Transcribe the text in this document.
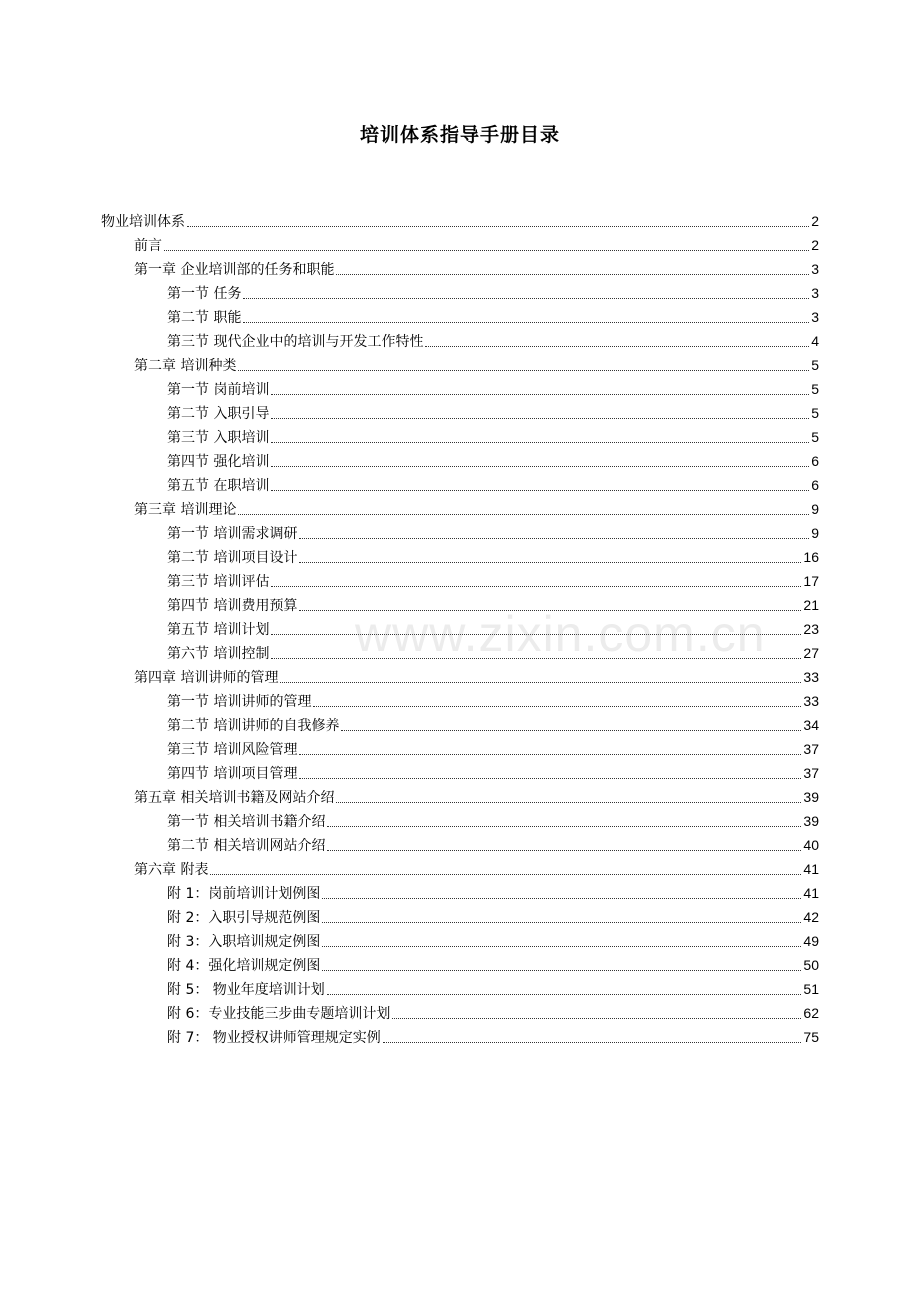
培训体系指导手册目录
物业培训体系	2
前言	2
第一章 企业培训部的任务和职能	3
第一节 任务	3
第二节 职能	3
第三节 现代企业中的培训与开发工作特性	4
第二章 培训种类	5
第一节 岗前培训	5
第二节 入职引导	5
第三节 入职培训	5
第四节 强化培训	6
第五节 在职培训	6
第三章 培训理论	9
第一节 培训需求调研	9
第二节 培训项目设计	16
第三节 培训评估	17
第四节 培训费用预算	21
第五节 培训计划	23
第六节 培训控制	27
第四章 培训讲师的管理	33
第一节 培训讲师的管理	33
第二节 培训讲师的自我修养	34
第三节 培训风险管理	37
第四节 培训项目管理	37
第五章 相关培训书籍及网站介绍	39
第一节 相关培训书籍介绍	39
第二节 相关培训网站介绍	40
第六章 附表	41
附 1：岗前培训计划例图	41
附 2：入职引导规范例图	42
附 3：入职培训规定例图	49
附 4：强化培训规定例图	50
附 5： 物业年度培训计划	51
附 6：专业技能三步曲专题培训计划	62
附 7： 物业授权讲师管理规定实例	75
www.zixin.com.cn
